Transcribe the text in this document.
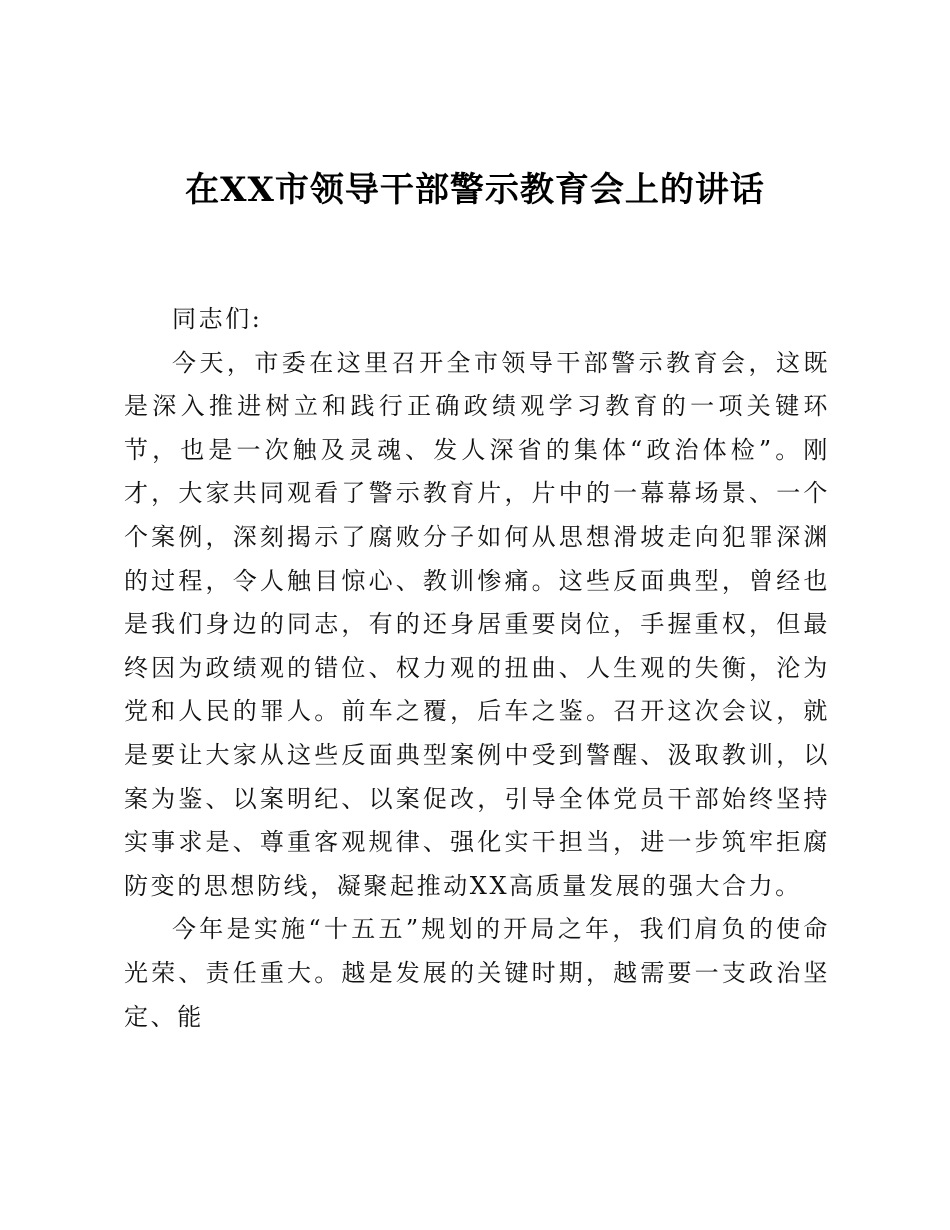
在XX市领导干部警示教育会上的讲话

同志们:

今天，市委在这里召开全市领导干部警示教育会，这既是深入推进树立和践行正确政绩观学习教育的一项关键环节，也是一次触及灵魂、发人深省的集体“政治体检”。刚才，大家共同观看了警示教育片，片中的一幕幕场景、一个个案例，深刻揭示了腐败分子如何从思想滑坡走向犯罪深渊的过程，令人触目惊心、教训惨痛。这些反面典型，曾经也是我们身边的同志，有的还身居重要岗位，手握重权，但最终因为政绩观的错位、权力观的扭曲、人生观的失衡，沦为党和人民的罪人。前车之覆，后车之鉴。召开这次会议，就是要让大家从这些反面典型案例中受到警醒、汲取教训，以案为鉴、以案明纪、以案促改，引导全体党员干部始终坚持实事求是、尊重客观规律、强化实干担当，进一步筑牢拒腐防变的思想防线，凝聚起推动XX高质量发展的强大合力。

今年是实施“十五五”规划的开局之年，我们肩负的使命光荣、责任重大。越是发展的关键时期，越需要一支政治坚定、能
